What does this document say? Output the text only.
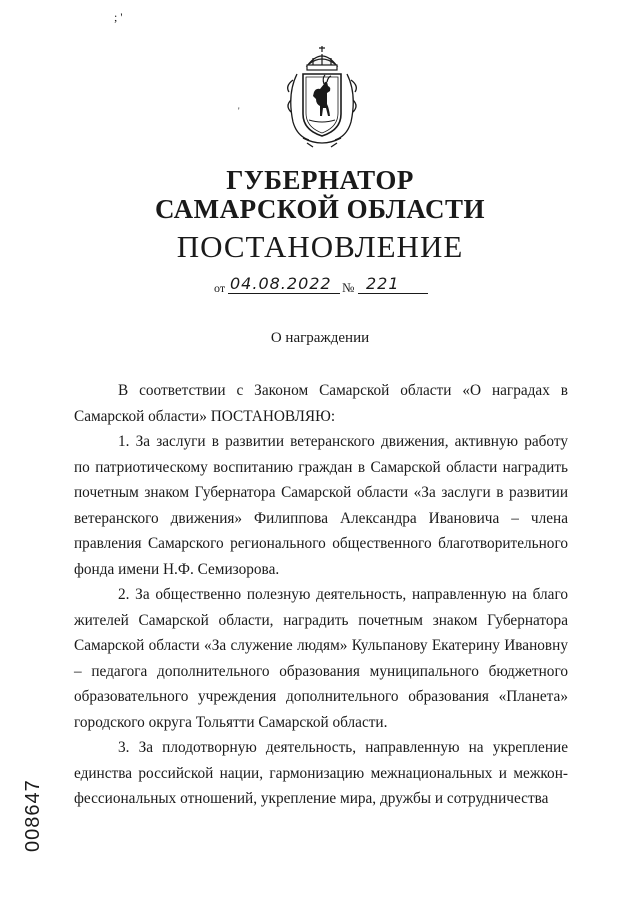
; '
'
ГУБЕРНАТОР
САМАРСКОЙ ОБЛАСТИ
ПОСТАНОВЛЕНИЕ
от 04.08.2022 № 221
О награждении

В соответствии с Законом Самарской области «О наградах в Самарской области» ПОСТАНОВЛЯЮ:

1. За заслуги в развитии ветеранского движения, активную работу по патриотическому воспитанию граждан в Самарской области наградить почетным знаком Губернатора Самарской области «За заслуги в развитии ветеранского движения» Филиппова Александра Ивановича – члена правления Самарского регионального общественного благотворительного фонда имени Н.Ф. Семизорова.

2. За общественно полезную деятельность, направленную на благо жителей Самарской области, наградить почетным знаком Губернатора Самарской области «За служение людям» Кульпанову Екатерину Ивановну – педагога дополнительного образования муниципального бюджетного образовательного учреждения дополнительного образования «Планета» городского округа Тольятти Самарской области.

3. За плодотворную деятельность, направленную на укрепление единства российской нации, гармонизацию межнациональных и межконфессиональных отношений, укрепление мира, дружбы и сотрудничества

008647
